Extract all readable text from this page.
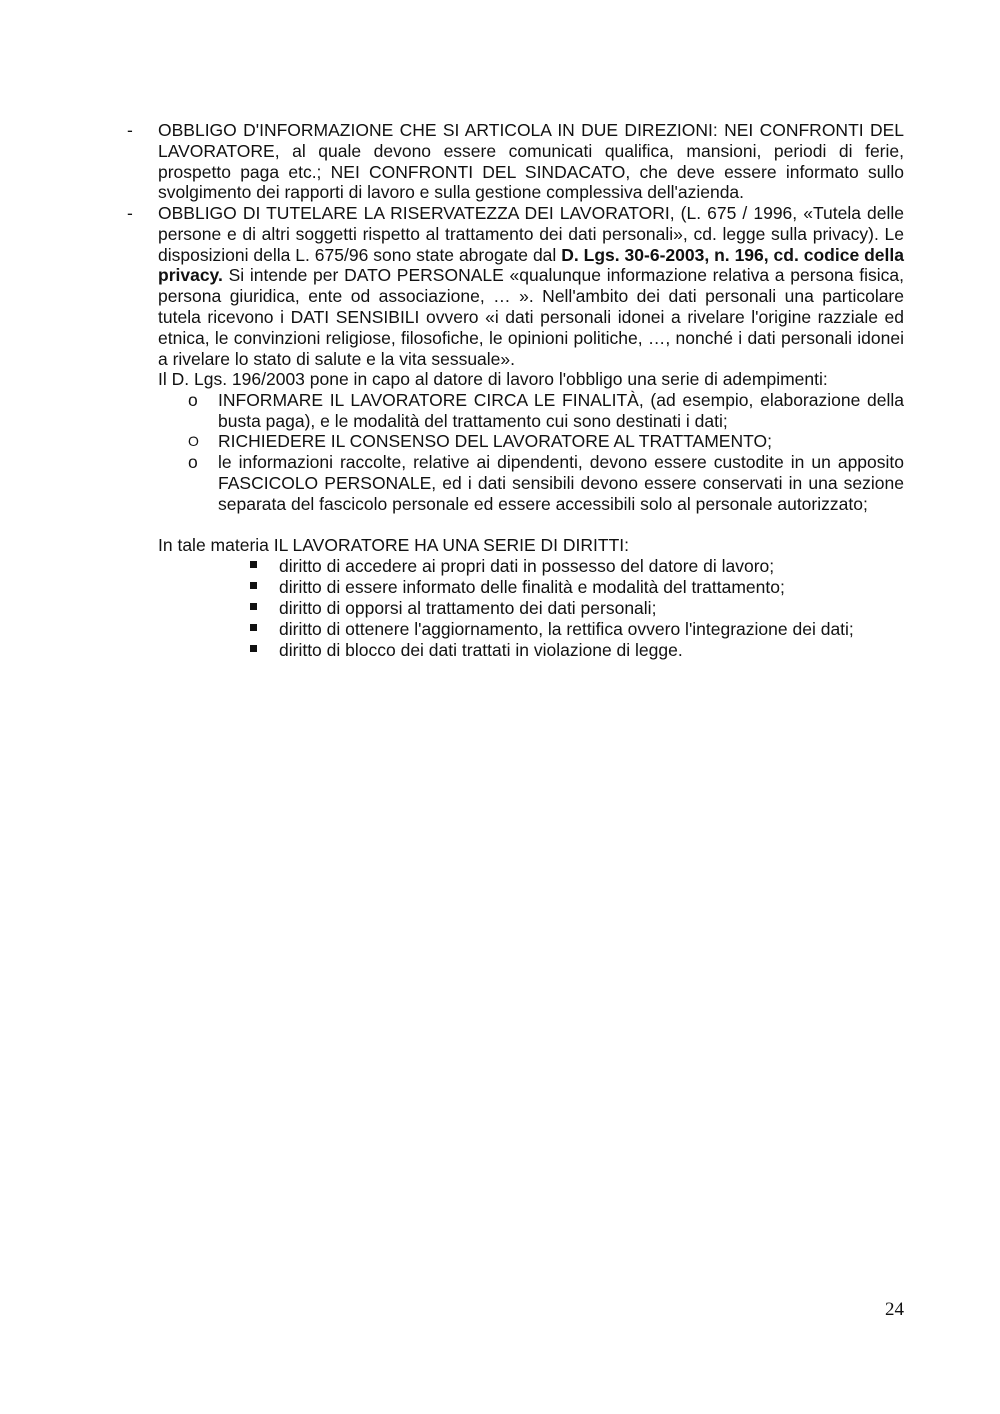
- OBBLIGO D'INFORMAZIONE CHE SI ARTICOLA IN DUE DIREZIONI: NEI CONFRONTI DEL LAVORATORE, al quale devono essere comunicati qualifica, mansioni, periodi di ferie, prospetto paga etc.; NEI CONFRONTI DEL SINDACATO, che deve essere informato sullo svolgimento dei rapporti di lavoro e sulla gestione complessiva dell'azienda.
- OBBLIGO DI TUTELARE LA RISERVATEZZA DEI LAVORATORI, (L. 675 / 1996, «Tutela delle persone e di altri soggetti rispetto al trattamento dei dati personali», cd. legge sulla privacy). Le disposizioni della L. 675/96 sono state abrogate dal D. Lgs. 30-6-2003, n. 196, cd. codice della privacy. Si intende per DATO PERSONALE «qualunque informazione relativa a persona fisica, persona giuridica, ente od associazione, … ». Nell'ambito dei dati personali una particolare tutela ricevono i DATI SENSIBILI ovvero «i dati personali idonei a rivelare l'origine razziale ed etnica, le convinzioni religiose, filosofiche, le opinioni politiche, …, nonché i dati personali idonei a rivelare lo stato di salute e la vita sessuale».
Il D. Lgs. 196/2003 pone in capo al datore di lavoro l'obbligo una serie di adempimenti:
o INFORMARE IL LAVORATORE CIRCA LE FINALITÀ, (ad esempio, elaborazione della busta paga), e le modalità del trattamento cui sono destinati i dati;
O RICHIEDERE IL CONSENSO DEL LAVORATORE AL TRATTAMENTO;
o le informazioni raccolte, relative ai dipendenti, devono essere custodite in un apposito FASCICOLO PERSONALE, ed i dati sensibili devono essere conservati in una sezione separata del fascicolo personale ed essere accessibili solo al personale autorizzato;
In tale materia IL LAVORATORE HA UNA SERIE DI DIRITTI:
diritto di accedere ai propri dati in possesso del datore di lavoro;
diritto di essere informato delle finalità e modalità del trattamento;
diritto di opporsi al trattamento dei dati personali;
diritto di ottenere l'aggiornamento, la rettifica ovvero l'integrazione dei dati;
diritto di blocco dei dati trattati in violazione di legge.
24
